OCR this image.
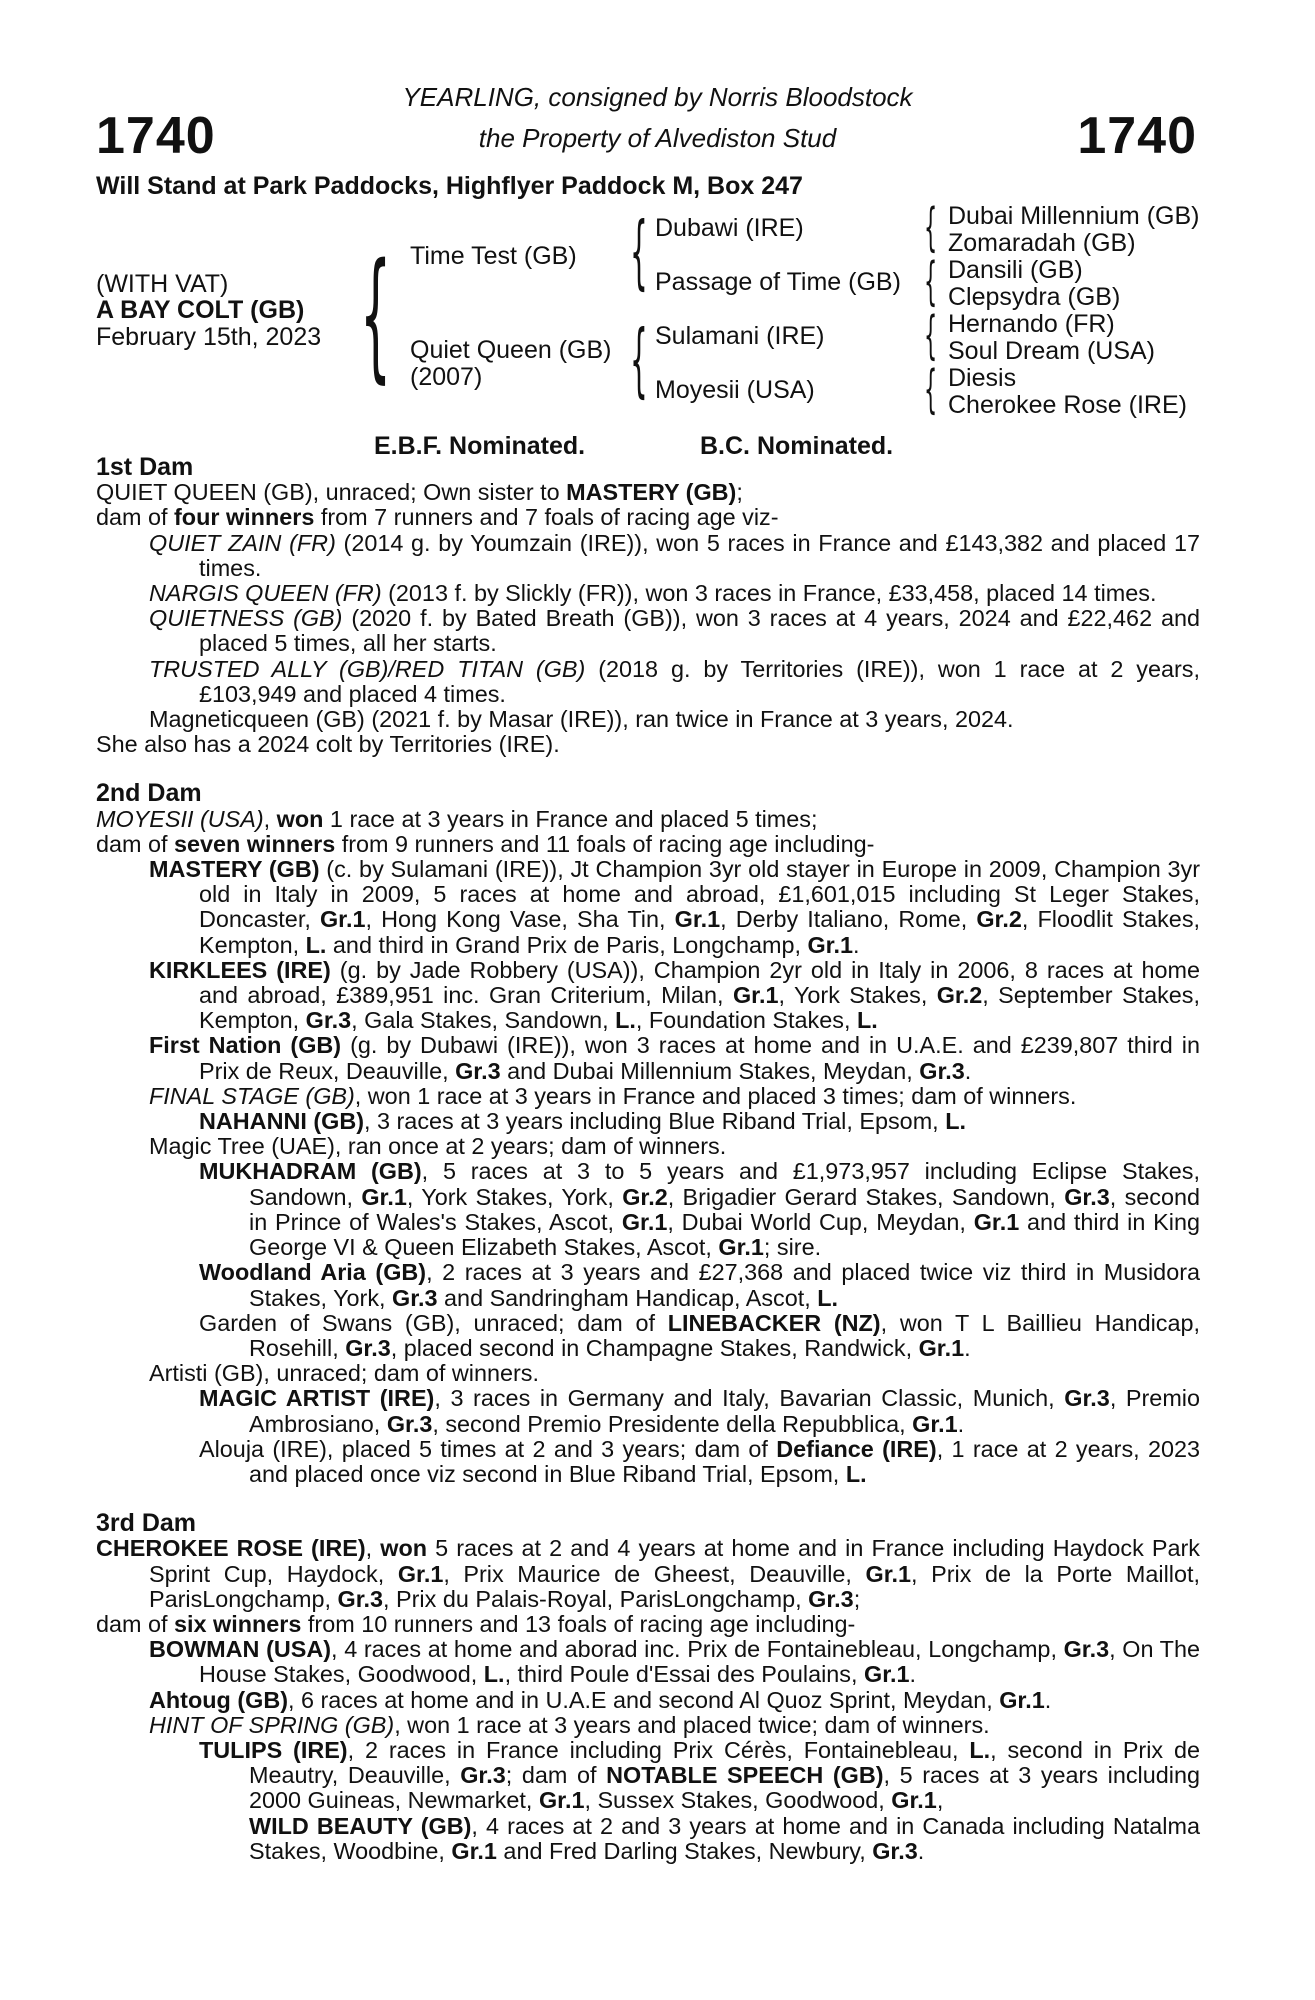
1740	1740
YEARLING, consigned by Norris Bloodstock
the Property of Alvediston Stud
Will Stand at Park Paddocks, Highflyer Paddock M, Box 247
(WITH VAT)
A BAY COLT (GB)
February 15th, 2023 { Time Test (GB)
Quiet Queen (GB)
(2007)
{
{
Dubawi (IRE)
Passage of Time (GB)
Sulamani (IRE)
Moyesii (USA)
{
{
{
{
Dubai Millennium (GB)
Zomaradah (GB)
Dansili (GB)
Clepsydra (GB)
Hernando (FR)
Soul Dream (USA)
Diesis
Cherokee Rose (IRE)
E.B.F. Nominated.	B.C. Nominated.
1st Dam

QUIET QUEEN (GB), unraced; Own sister to MASTERY (GB);

dam of four winners from 7 runners and 7 foals of racing age viz-

QUIET ZAIN (FR) (2014 g. by Youmzain (IRE)), won 5 races in France and £143,382 and placed 17 times.

NARGIS QUEEN (FR) (2013 f. by Slickly (FR)), won 3 races in France, £33,458, placed 14 times.

QUIETNESS (GB) (2020 f. by Bated Breath (GB)), won 3 races at 4 years, 2024 and £22,462 and placed 5 times, all her starts.

TRUSTED ALLY (GB)/RED TITAN (GB) (2018 g. by Territories (IRE)), won 1 race at 2 years, £103,949 and placed 4 times.

Magneticqueen (GB) (2021 f. by Masar (IRE)), ran twice in France at 3 years, 2024.

She also has a 2024 colt by Territories (IRE).

2nd Dam

MOYESII (USA), won 1 race at 3 years in France and placed 5 times;

dam of seven winners from 9 runners and 11 foals of racing age including-

MASTERY (GB) (c. by Sulamani (IRE)), Jt Champion 3yr old stayer in Europe in 2009, Champion 3yr old in Italy in 2009, 5 races at home and abroad, £1,601,015 including St Leger Stakes, Doncaster, Gr.1, Hong Kong Vase, Sha Tin, Gr.1, Derby Italiano, Rome, Gr.2, Floodlit Stakes, Kempton, L. and third in Grand Prix de Paris, Longchamp, Gr.1.

KIRKLEES (IRE) (g. by Jade Robbery (USA)), Champion 2yr old in Italy in 2006, 8 races at home and abroad, £389,951 inc. Gran Criterium, Milan, Gr.1, York Stakes, Gr.2, September Stakes, Kempton, Gr.3, Gala Stakes, Sandown, L., Foundation Stakes, L.

First Nation (GB) (g. by Dubawi (IRE)), won 3 races at home and in U.A.E. and £239,807 third in Prix de Reux, Deauville, Gr.3 and Dubai Millennium Stakes, Meydan, Gr.3.

FINAL STAGE (GB), won 1 race at 3 years in France and placed 3 times; dam of winners.

NAHANNI (GB), 3 races at 3 years including Blue Riband Trial, Epsom, L.

Magic Tree (UAE), ran once at 2 years; dam of winners.

MUKHADRAM (GB), 5 races at 3 to 5 years and £1,973,957 including Eclipse Stakes, Sandown, Gr.1, York Stakes, York, Gr.2, Brigadier Gerard Stakes, Sandown, Gr.3, second in Prince of Wales's Stakes, Ascot, Gr.1, Dubai World Cup, Meydan, Gr.1 and third in King George VI & Queen Elizabeth Stakes, Ascot, Gr.1; sire.

Woodland Aria (GB), 2 races at 3 years and £27,368 and placed twice viz third in Musidora Stakes, York, Gr.3 and Sandringham Handicap, Ascot, L.

Garden of Swans (GB), unraced; dam of LINEBACKER (NZ), won T L Baillieu Handicap, Rosehill, Gr.3, placed second in Champagne Stakes, Randwick, Gr.1.

Artisti (GB), unraced; dam of winners.

MAGIC ARTIST (IRE), 3 races in Germany and Italy, Bavarian Classic, Munich, Gr.3, Premio Ambrosiano, Gr.3, second Premio Presidente della Repubblica, Gr.1.

Alouja (IRE), placed 5 times at 2 and 3 years; dam of Defiance (IRE), 1 race at 2 years, 2023 and placed once viz second in Blue Riband Trial, Epsom, L.

3rd Dam

CHEROKEE ROSE (IRE), won 5 races at 2 and 4 years at home and in France including Haydock Park Sprint Cup, Haydock, Gr.1, Prix Maurice de Gheest, Deauville, Gr.1, Prix de la Porte Maillot, ParisLongchamp, Gr.3, Prix du Palais-Royal, ParisLongchamp, Gr.3;

dam of six winners from 10 runners and 13 foals of racing age including-

BOWMAN (USA), 4 races at home and aborad inc. Prix de Fontainebleau, Longchamp, Gr.3, On The House Stakes, Goodwood, L., third Poule d'Essai des Poulains, Gr.1.

Ahtoug (GB), 6 races at home and in U.A.E and second Al Quoz Sprint, Meydan, Gr.1.

HINT OF SPRING (GB), won 1 race at 3 years and placed twice; dam of winners.

TULIPS (IRE), 2 races in France including Prix Cérès, Fontainebleau, L., second in Prix de Meautry, Deauville, Gr.3; dam of NOTABLE SPEECH (GB), 5 races at 3 years including 2000 Guineas, Newmarket, Gr.1, Sussex Stakes, Goodwood, Gr.1,
WILD BEAUTY (GB), 4 races at 2 and 3 years at home and in Canada including Natalma Stakes, Woodbine, Gr.1 and Fred Darling Stakes, Newbury, Gr.3.
